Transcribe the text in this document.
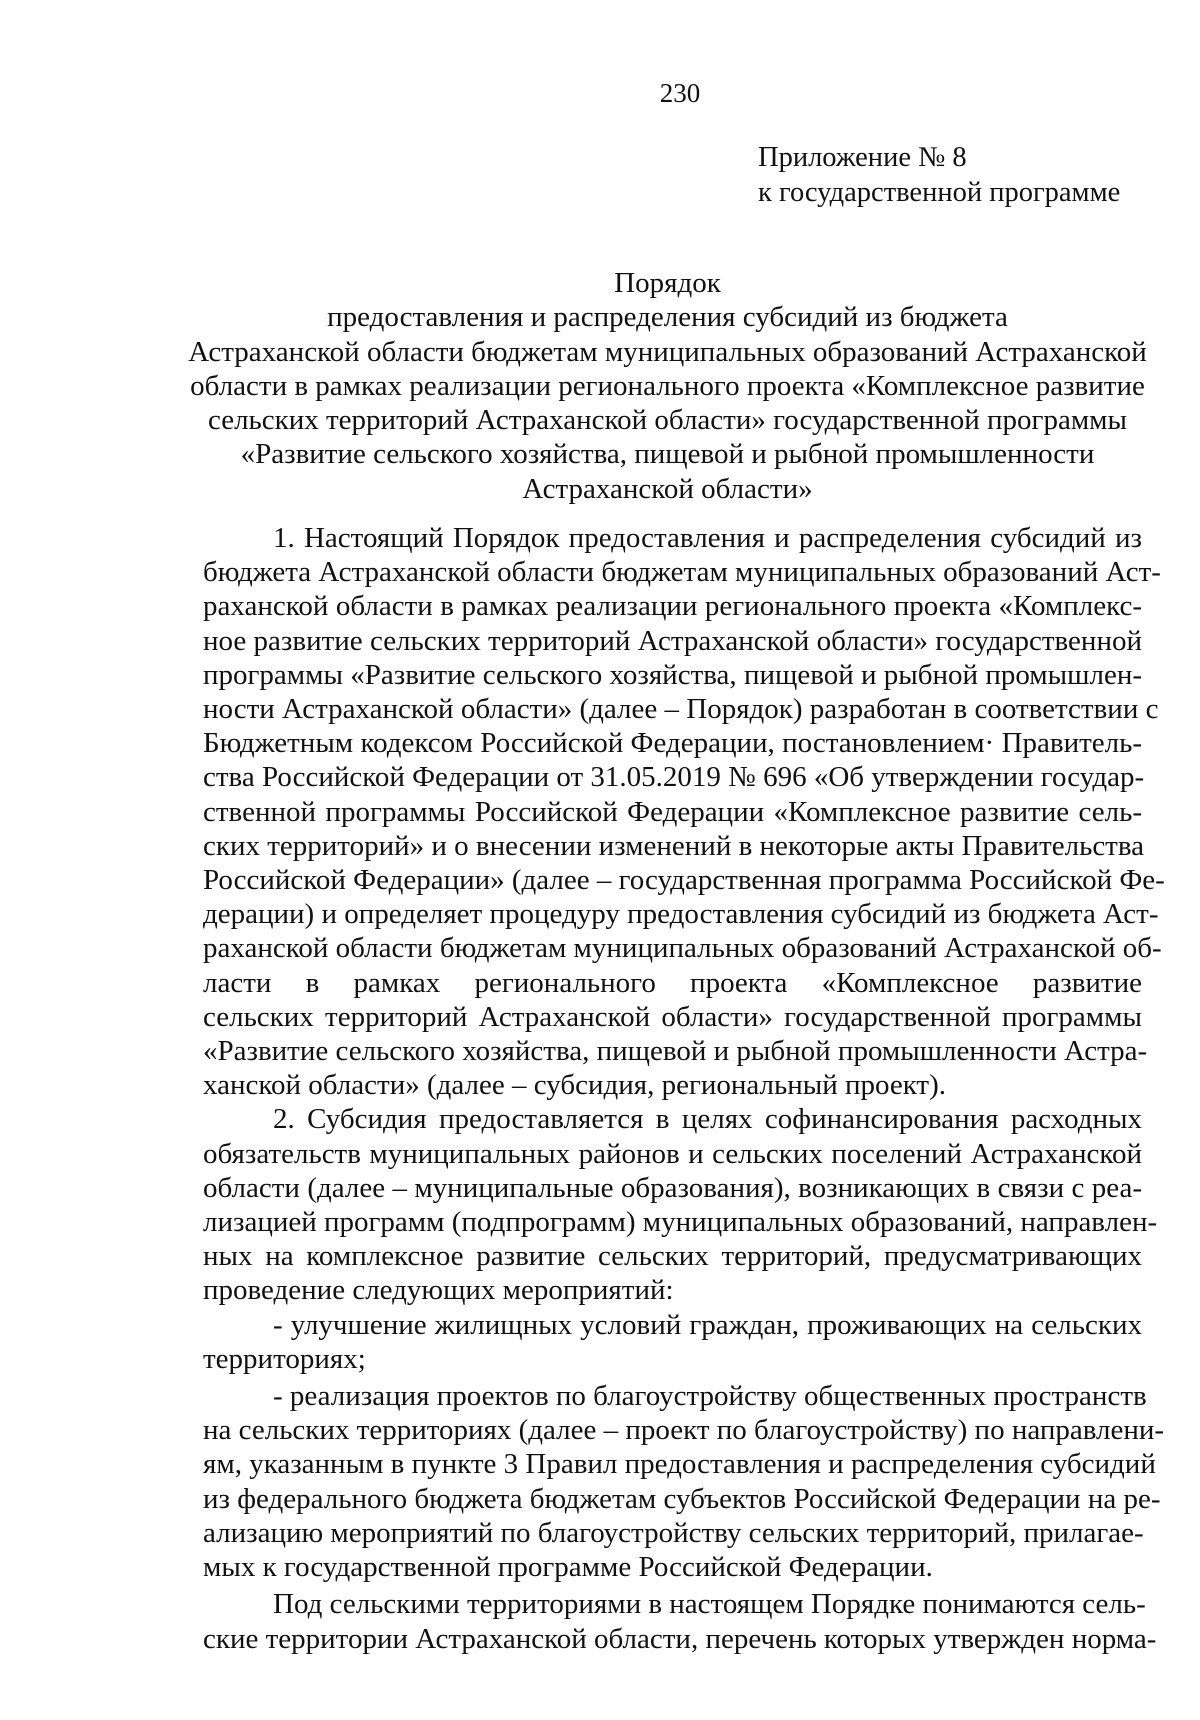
230
Приложение № 8
к государственной программе
Порядок
предоставления и распределения субсидий из бюджета
Астраханской области бюджетам муниципальных образований Астраханской
области в рамках реализации регионального проекта «Комплексное развитие
сельских территорий Астраханской области» государственной программы
«Развитие сельского хозяйства, пищевой и рыбной промышленности
Астраханской области»
1. Настоящий Порядок предоставления и распределения субсидий из
бюджета Астраханской области бюджетам муниципальных образований Аст-
раханской области в рамках реализации регионального проекта «Комплекс-
ное развитие сельских территорий Астраханской области» государственной
программы «Развитие сельского хозяйства, пищевой и рыбной промышлен-
ности Астраханской области» (далее – Порядок) разработан в соответствии с
Бюджетным кодексом Российской Федерации, постановлением· Правитель-
ства Российской Федерации от 31.05.2019 № 696 «Об утверждении государ-
ственной программы Российской Федерации «Комплексное развитие сель-
ских территорий» и о внесении изменений в некоторые акты Правительства
Российской Федерации» (далее – государственная программа Российской Фе-
дерации) и определяет процедуру предоставления субсидий из бюджета Аст-
раханской области бюджетам муниципальных образований Астраханской об-
ласти в рамках регионального проекта «Комплексное развитие
сельских территорий Астраханской области» государственной программы
«Развитие сельского хозяйства, пищевой и рыбной промышленности Астра-
ханской области» (далее – субсидия, региональный проект).
2. Субсидия предоставляется в целях софинансирования расходных
обязательств муниципальных районов и сельских поселений Астраханской
области (далее – муниципальные образования), возникающих в связи с реа-
лизацией программ (подпрограмм) муниципальных образований, направлен-
ных на комплексное развитие сельских территорий, предусматривающих
проведение следующих мероприятий:
- улучшение жилищных условий граждан, проживающих на сельских
территориях;
- реализация проектов по благоустройству общественных пространств
на сельских территориях (далее – проект по благоустройству) по направлени-
ям, указанным в пункте 3 Правил предоставления и распределения субсидий
из федерального бюджета бюджетам субъектов Российской Федерации на ре-
ализацию мероприятий по благоустройству сельских территорий, прилагае-
мых к государственной программе Российской Федерации.
Под сельскими территориями в настоящем Порядке понимаются сель-
ские территории Астраханской области, перечень которых утвержден норма-
